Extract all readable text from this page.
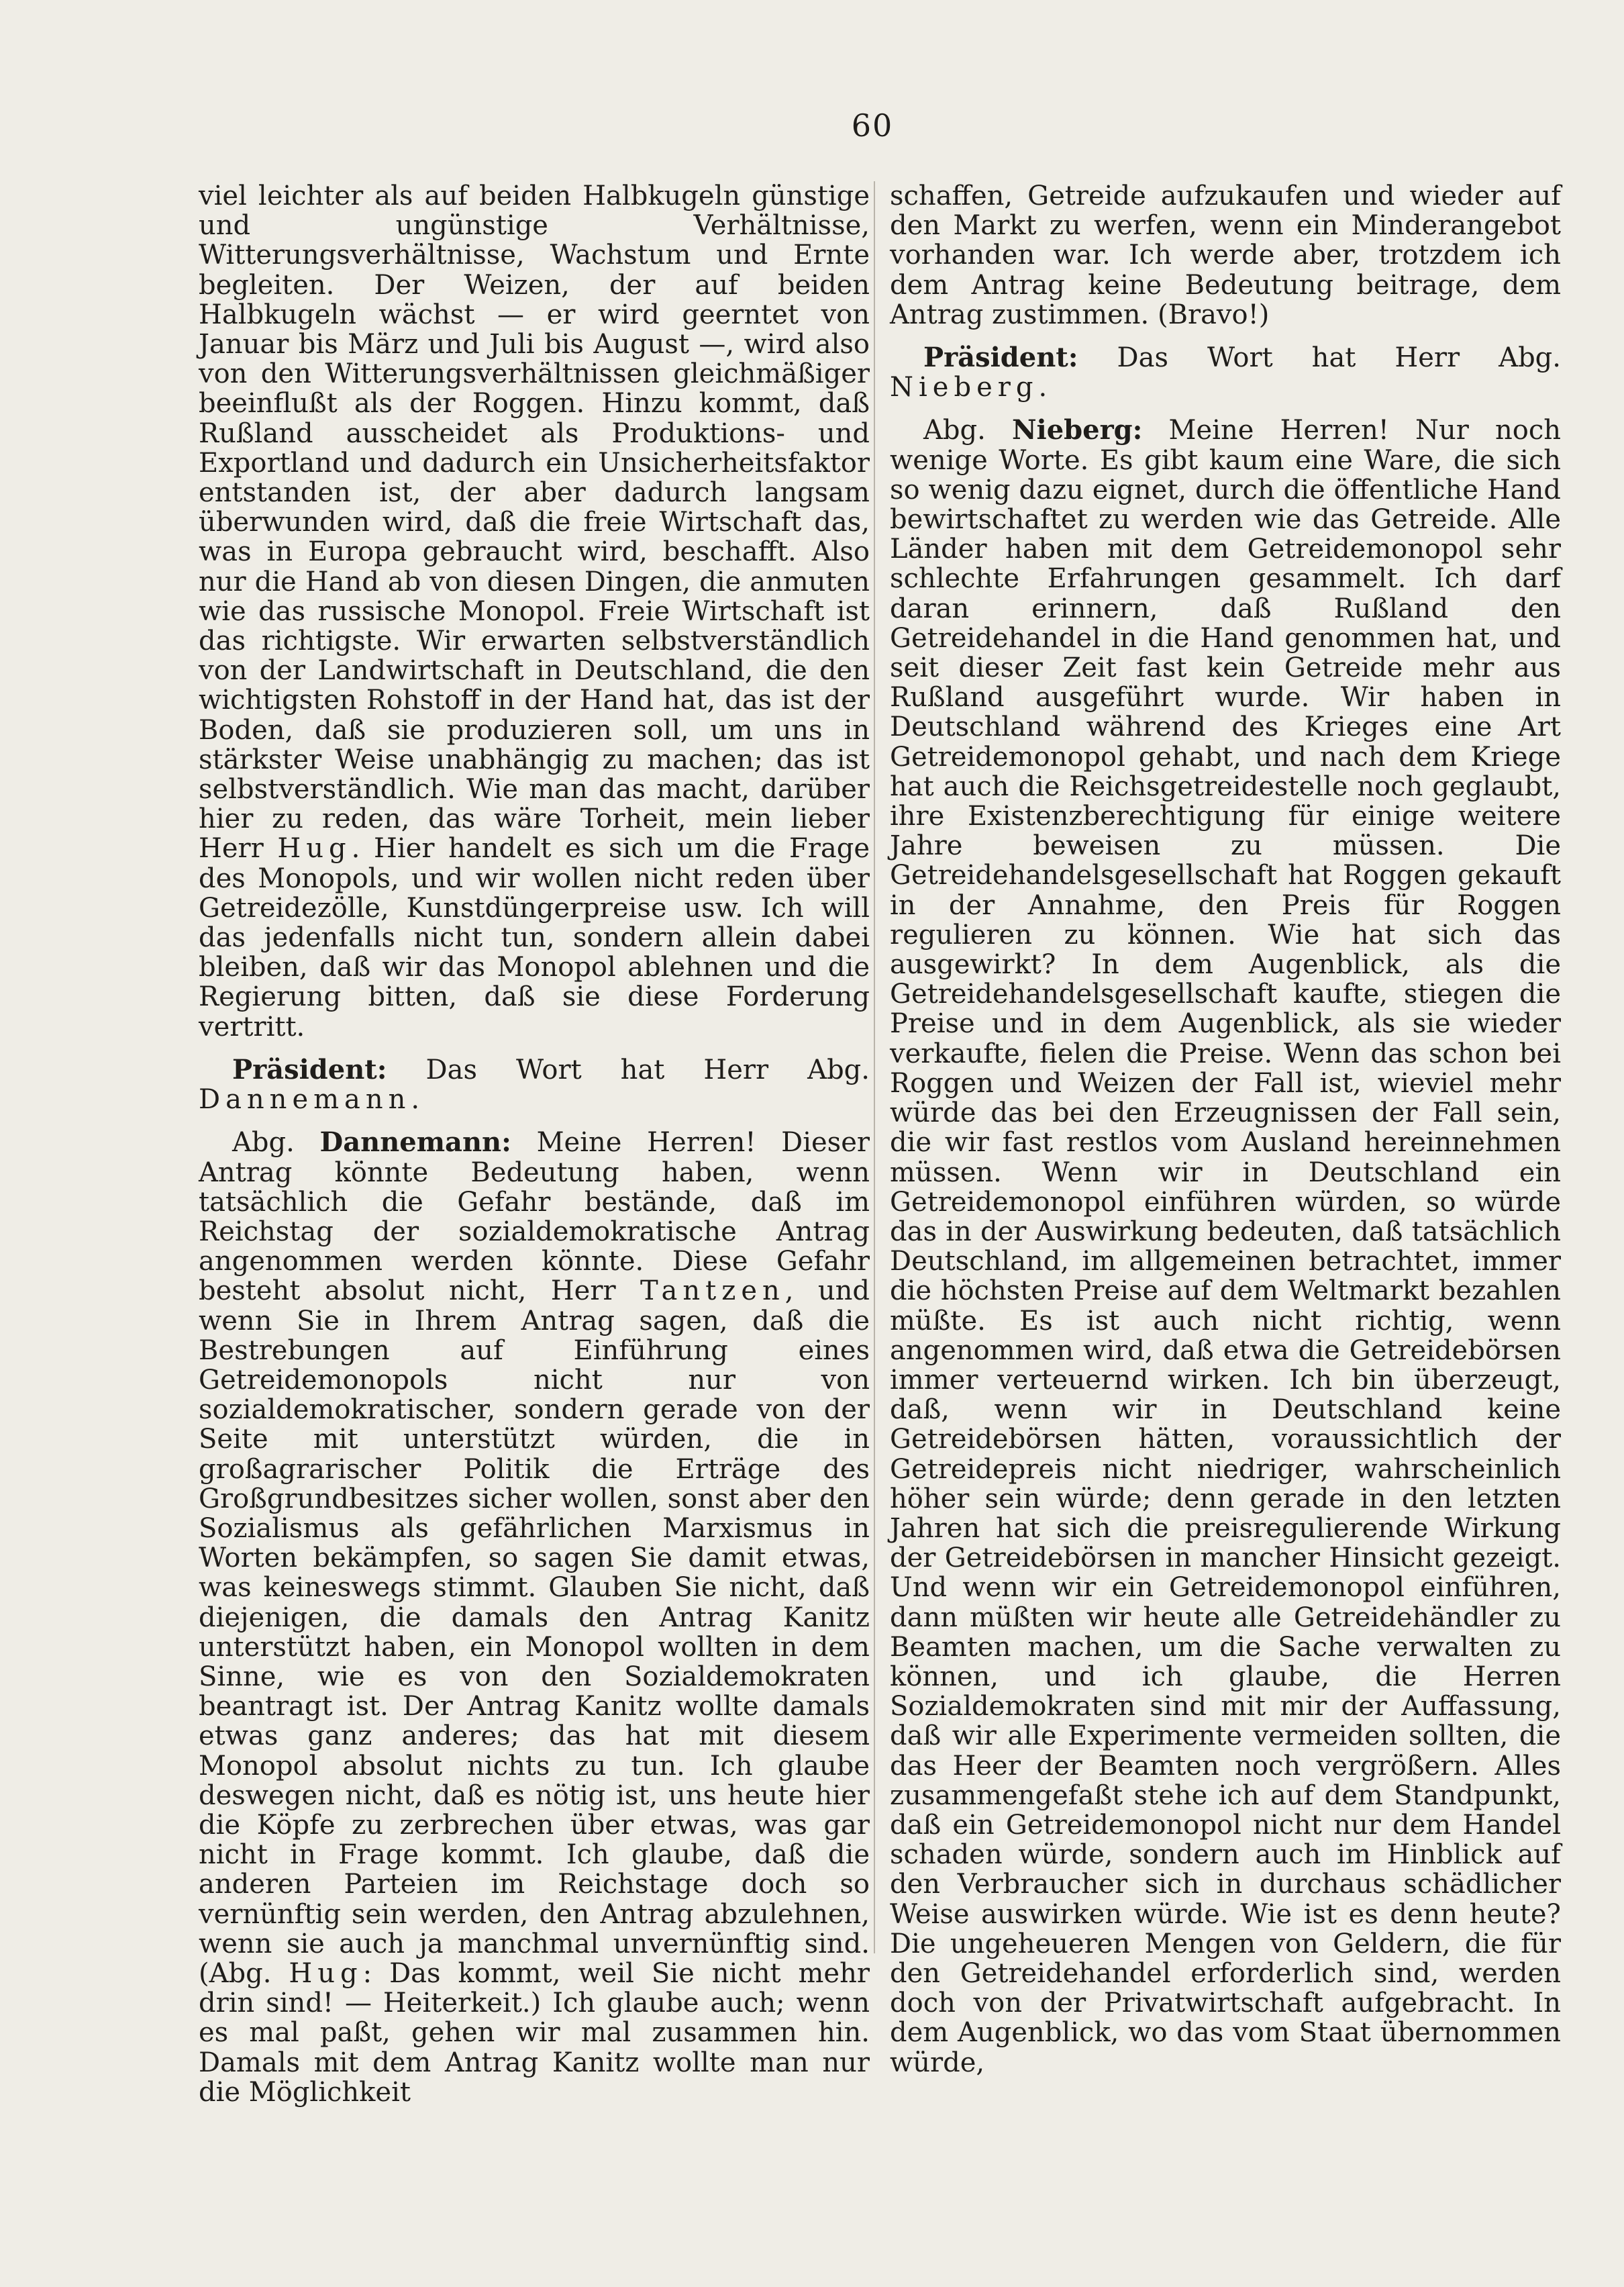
60

viel leichter als auf beiden Halbkugeln günstige und ungünstige Verhältnisse, Witterungsverhältnisse, Wachstum und Ernte begleiten. Der Weizen, der auf beiden Halbkugeln wächst — er wird geerntet von Januar bis März und Juli bis August —, wird also von den Witterungsverhältnissen gleichmäßiger beeinflußt als der Roggen. Hinzu kommt, daß Rußland ausscheidet als Produktions- und Exportland und dadurch ein Unsicherheitsfaktor entstanden ist, der aber dadurch langsam überwunden wird, daß die freie Wirtschaft das, was in Europa gebraucht wird, beschafft. Also nur die Hand ab von diesen Dingen, die anmuten wie das russische Monopol. Freie Wirtschaft ist das richtigste. Wir erwarten selbstverständlich von der Landwirtschaft in Deutschland, die den wichtigsten Rohstoff in der Hand hat, das ist der Boden, daß sie produzieren soll, um uns in stärkster Weise unabhängig zu machen; das ist selbstverständlich. Wie man das macht, darüber hier zu reden, das wäre Torheit, mein lieber Herr Hug. Hier handelt es sich um die Frage des Monopols, und wir wollen nicht reden über Getreidezölle, Kunstdüngerpreise usw. Ich will das jedenfalls nicht tun, sondern allein dabei bleiben, daß wir das Monopol ablehnen und die Regierung bitten, daß sie diese Forderung vertritt.

Präsident: Das Wort hat Herr Abg. Dannemann.

Abg. Dannemann: Meine Herren! Dieser Antrag könnte Bedeutung haben, wenn tatsächlich die Gefahr bestände, daß im Reichstag der sozialdemokratische Antrag angenommen werden könnte. Diese Gefahr besteht absolut nicht, Herr Tantzen, und wenn Sie in Ihrem Antrag sagen, daß die Bestrebungen auf Einführung eines Getreidemonopols nicht nur von sozialdemokratischer, sondern gerade von der Seite mit unterstützt würden, die in großagrarischer Politik die Erträge des Großgrundbesitzes sicher wollen, sonst aber den Sozialismus als gefährlichen Marxismus in Worten bekämpfen, so sagen Sie damit etwas, was keineswegs stimmt. Glauben Sie nicht, daß diejenigen, die damals den Antrag Kanitz unterstützt haben, ein Monopol wollten in dem Sinne, wie es von den Sozialdemokraten beantragt ist. Der Antrag Kanitz wollte damals etwas ganz anderes; das hat mit diesem Monopol absolut nichts zu tun. Ich glaube deswegen nicht, daß es nötig ist, uns heute hier die Köpfe zu zerbrechen über etwas, was gar nicht in Frage kommt. Ich glaube, daß die anderen Parteien im Reichstage doch so vernünftig sein werden, den Antrag abzulehnen, wenn sie auch ja manchmal unvernünftig sind. (Abg. Hug: Das kommt, weil Sie nicht mehr drin sind! — Heiterkeit.) Ich glaube auch; wenn es mal paßt, gehen wir mal zusammen hin. Damals mit dem Antrag Kanitz wollte man nur die Möglichkeit

schaffen, Getreide aufzukaufen und wieder auf den Markt zu werfen, wenn ein Minderangebot vorhanden war. Ich werde aber, trotzdem ich dem Antrag keine Bedeutung beitrage, dem Antrag zustimmen. (Bravo!)

Präsident: Das Wort hat Herr Abg. Nieberg.

Abg. Nieberg: Meine Herren! Nur noch wenige Worte. Es gibt kaum eine Ware, die sich so wenig dazu eignet, durch die öffentliche Hand bewirtschaftet zu werden wie das Getreide. Alle Länder haben mit dem Getreidemonopol sehr schlechte Erfahrungen gesammelt. Ich darf daran erinnern, daß Rußland den Getreidehandel in die Hand genommen hat, und seit dieser Zeit fast kein Getreide mehr aus Rußland ausgeführt wurde. Wir haben in Deutschland während des Krieges eine Art Getreidemonopol gehabt, und nach dem Kriege hat auch die Reichsgetreidestelle noch geglaubt, ihre Existenzberechtigung für einige weitere Jahre beweisen zu müssen. Die Getreidehandelsgesellschaft hat Roggen gekauft in der Annahme, den Preis für Roggen regulieren zu können. Wie hat sich das ausgewirkt? In dem Augenblick, als die Getreidehandelsgesellschaft kaufte, stiegen die Preise und in dem Augenblick, als sie wieder verkaufte, fielen die Preise. Wenn das schon bei Roggen und Weizen der Fall ist, wieviel mehr würde das bei den Erzeugnissen der Fall sein, die wir fast restlos vom Ausland hereinnehmen müssen. Wenn wir in Deutschland ein Getreidemonopol einführen würden, so würde das in der Auswirkung bedeuten, daß tatsächlich Deutschland, im allgemeinen betrachtet, immer die höchsten Preise auf dem Weltmarkt bezahlen müßte. Es ist auch nicht richtig, wenn angenommen wird, daß etwa die Getreidebörsen immer verteuernd wirken. Ich bin überzeugt, daß, wenn wir in Deutschland keine Getreidebörsen hätten, voraussichtlich der Getreidepreis nicht niedriger, wahrscheinlich höher sein würde; denn gerade in den letzten Jahren hat sich die preisregulierende Wirkung der Getreidebörsen in mancher Hinsicht gezeigt. Und wenn wir ein Getreidemonopol einführen, dann müßten wir heute alle Getreidehändler zu Beamten machen, um die Sache verwalten zu können, und ich glaube, die Herren Sozialdemokraten sind mit mir der Auffassung, daß wir alle Experimente vermeiden sollten, die das Heer der Beamten noch vergrößern. Alles zusammengefaßt stehe ich auf dem Standpunkt, daß ein Getreidemonopol nicht nur dem Handel schaden würde, sondern auch im Hinblick auf den Verbraucher sich in durchaus schädlicher Weise auswirken würde. Wie ist es denn heute? Die ungeheueren Mengen von Geldern, die für den Getreidehandel erforderlich sind, werden doch von der Privatwirtschaft aufgebracht. In dem Augenblick, wo das vom Staat übernommen würde,
